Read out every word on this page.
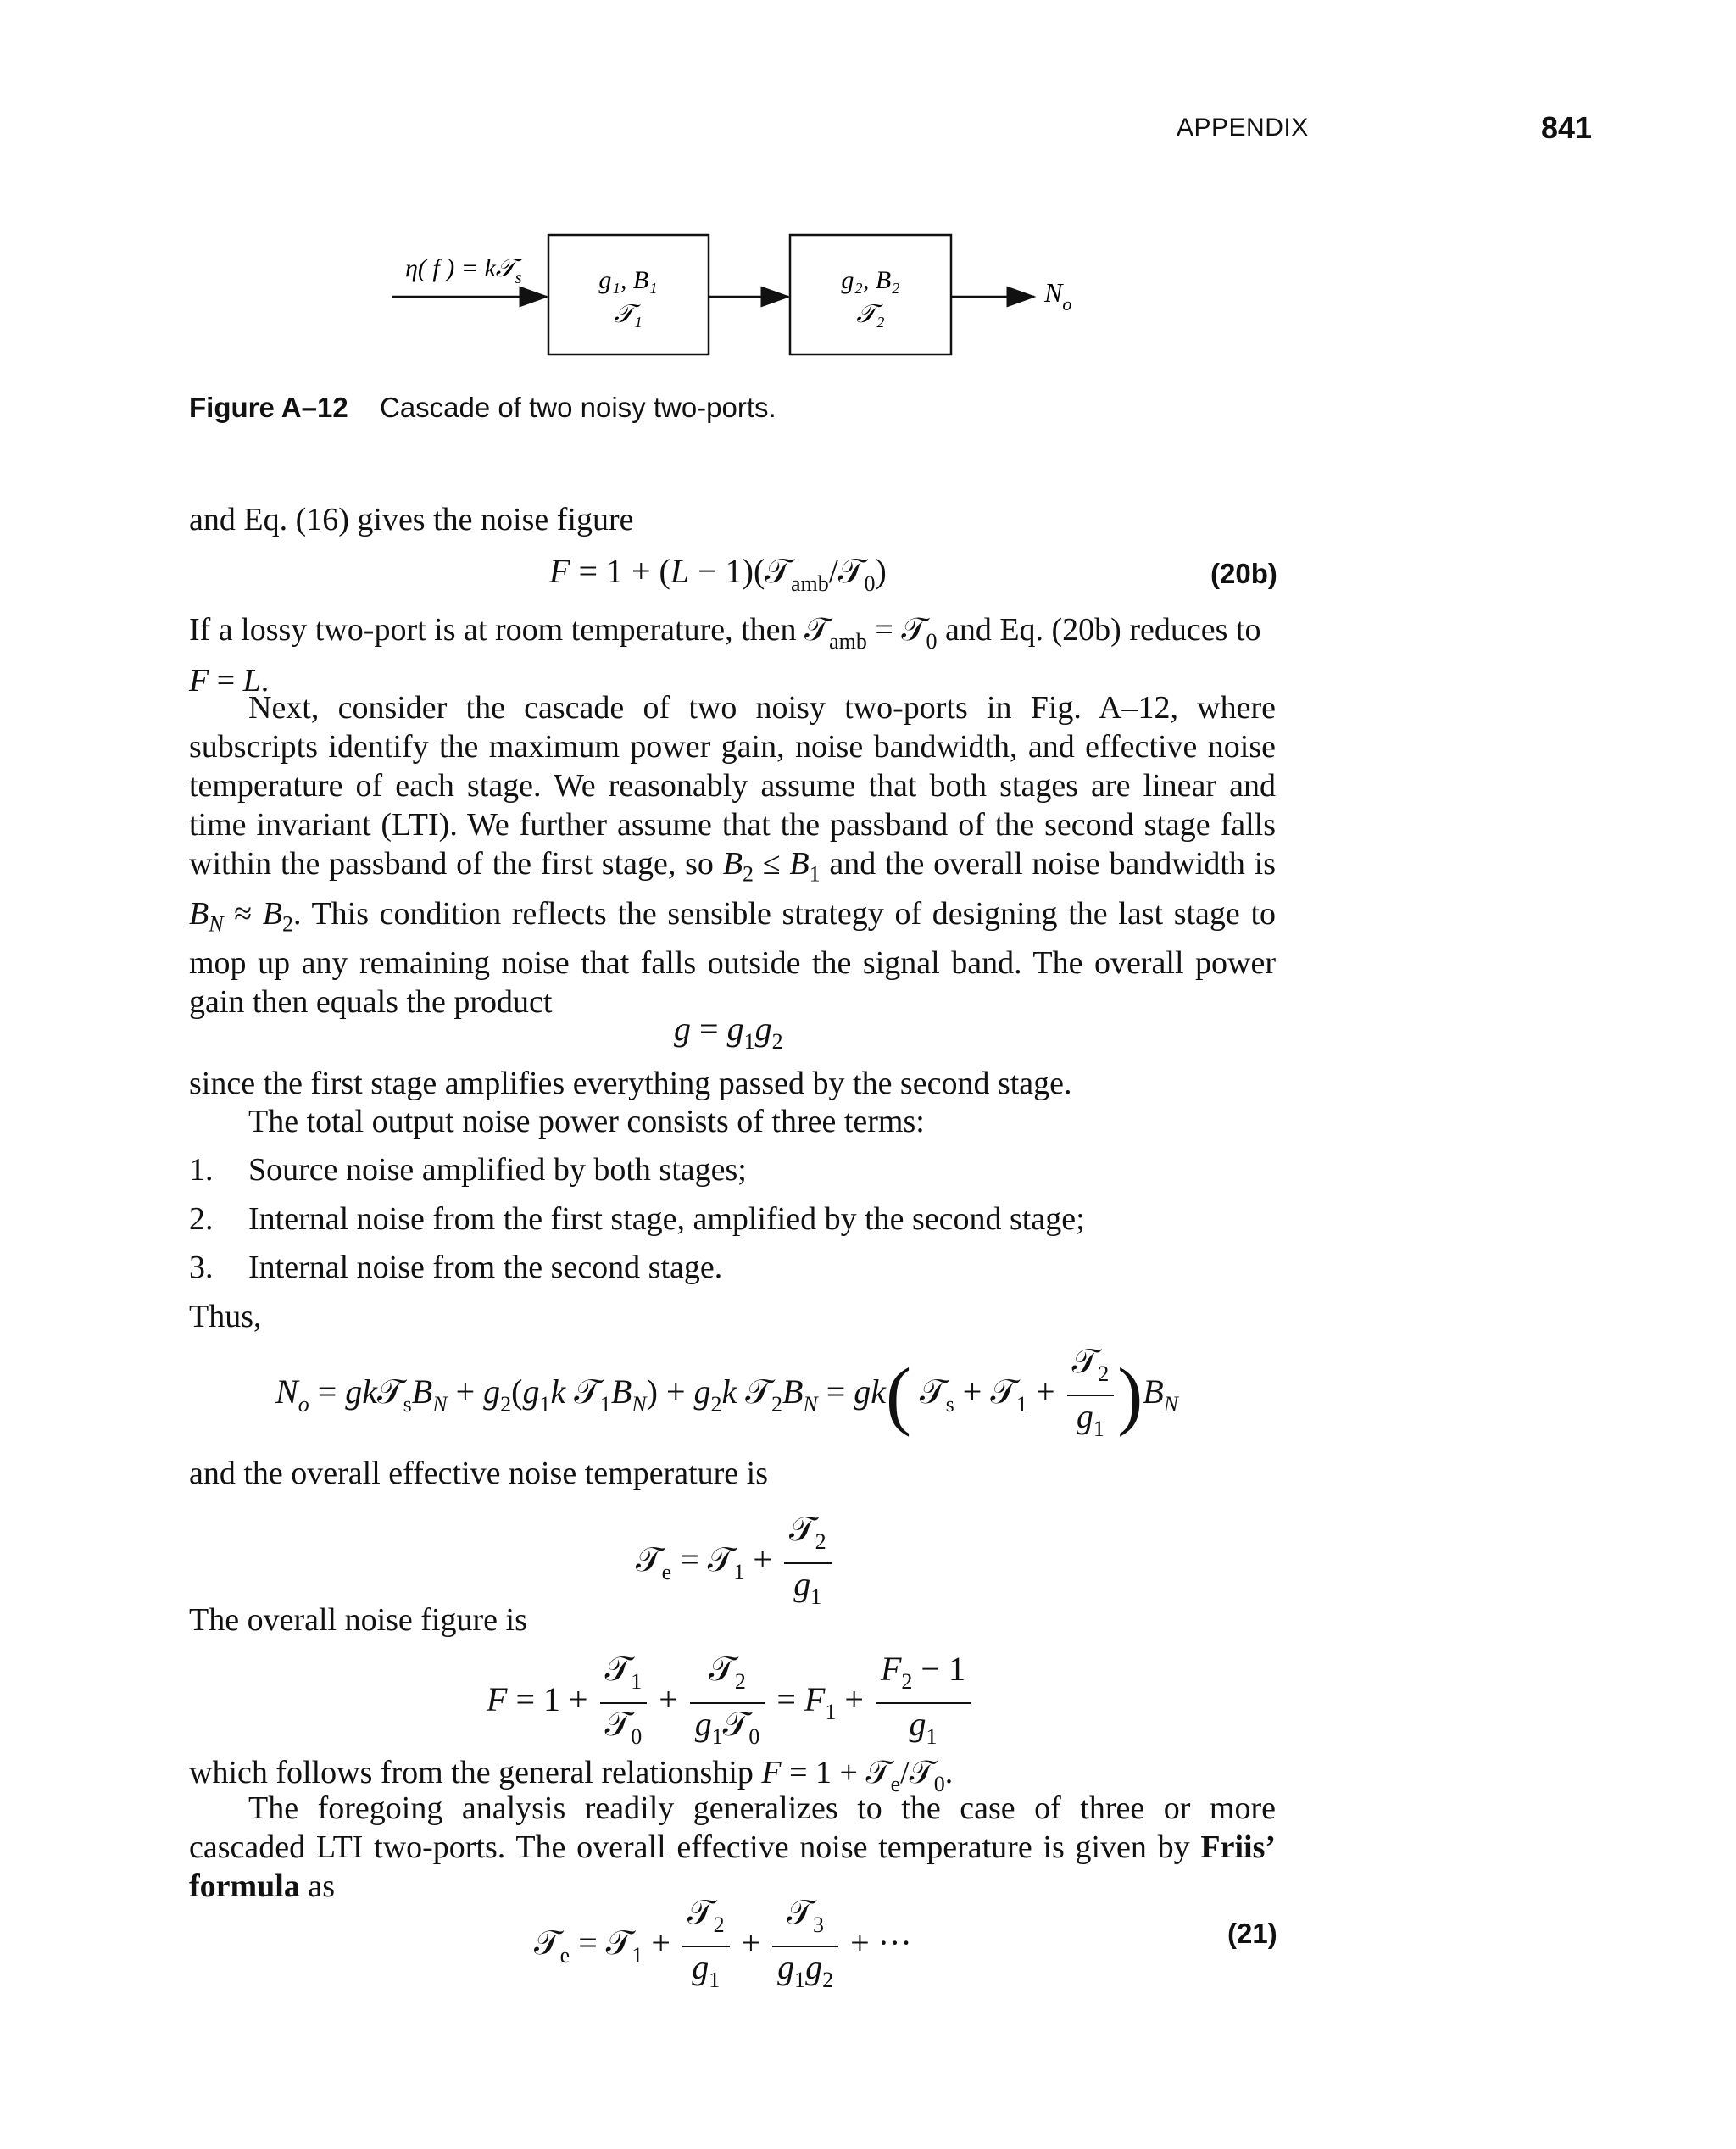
APPENDIX	841
η( f ) = k𝒯$_s$	g₁, B₁
𝒯₁
g₂, B₂
𝒯₂
$N_o$
Figure A–12 Cascade of two noisy two-ports.
and Eq. (16) gives the noise figure
F = 1 + (L − 1)(𝒯$_{amb}$/𝒯$_0$)	(20b)
If a lossy two-port is at room temperature, then 𝒯$_{amb}$ = 𝒯$_0$ and Eq. (20b) reduces to
F = L.
Next, consider the cascade of two noisy two-ports in Fig. A–12, where subscripts identify the maximum power gain, noise bandwidth, and effective noise temperature of each stage. We reasonably assume that both stages are linear and time invariant (LTI). We further assume that the passband of the second stage falls within the passband of the first stage, so $B_2 \le B_1$ and the overall noise bandwidth is $B_N \approx B_2$. This condition reflects the sensible strategy of designing the last stage to mop up any remaining noise that falls outside the signal band. The overall power gain then equals the product
$g = g_1g_2$
since the first stage amplifies everything passed by the second stage.
The total output noise power consists of three terms:
1. Source noise amplified by both stages;
2. Internal noise from the first stage, amplified by the second stage;
3. Internal noise from the second stage.
Thus,
$N_o$ = $gk𝒯_sB_N + g_2(g_1k$ $𝒯_1B_N) + g_2k$ $𝒯_2B_N = gk$( 𝒯$_s$ + 𝒯$_1$ + $\frac{𝒯_2}{g_1} )B_N$
and the overall effective noise temperature is
𝒯$_e$ = 𝒯$_1$ + $\frac{𝒯_2}{g_1}$
The overall noise figure is
$F = 1 + \frac{𝒯_1}{𝒯_0} + \frac{𝒯_2}{g_1𝒯_0} = F_1 + \frac{F_2 - 1}{g_1}$
which follows from the general relationship F = 1 + 𝒯$_e$/𝒯$_0$.
The foregoing analysis readily generalizes to the case of three or more cascaded LTI two-ports. The overall effective noise temperature is given by Friis’ formula as
𝒯$_e$ = 𝒯$_1$ + $\frac{𝒯_2}{g_1} + \frac{𝒯_3}{g_1g_2}$ + ···	(21)
